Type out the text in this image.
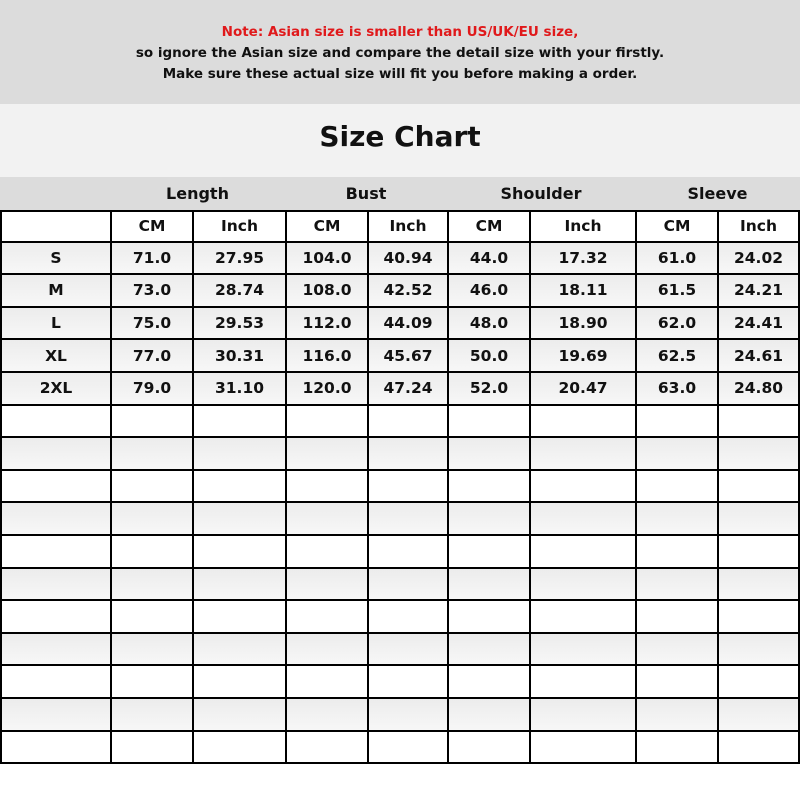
Note: Asian size is smaller than US/UK/EU size,
so ignore the Asian size and compare the detail size with your firstly.
Make sure these actual size will fit you before making a order.
Size Chart
Length	Bust	Shoulder	Sleeve
	CM	Inch	CM	Inch	CM	Inch	CM	Inch
S	71.0	27.95	104.0	40.94	44.0	17.32	61.0	24.02
M	73.0	28.74	108.0	42.52	46.0	18.11	61.5	24.21
L	75.0	29.53	112.0	44.09	48.0	18.90	62.0	24.41
XL	77.0	30.31	116.0	45.67	50.0	19.69	62.5	24.61
2XL	79.0	31.10	120.0	47.24	52.0	20.47	63.0	24.80
